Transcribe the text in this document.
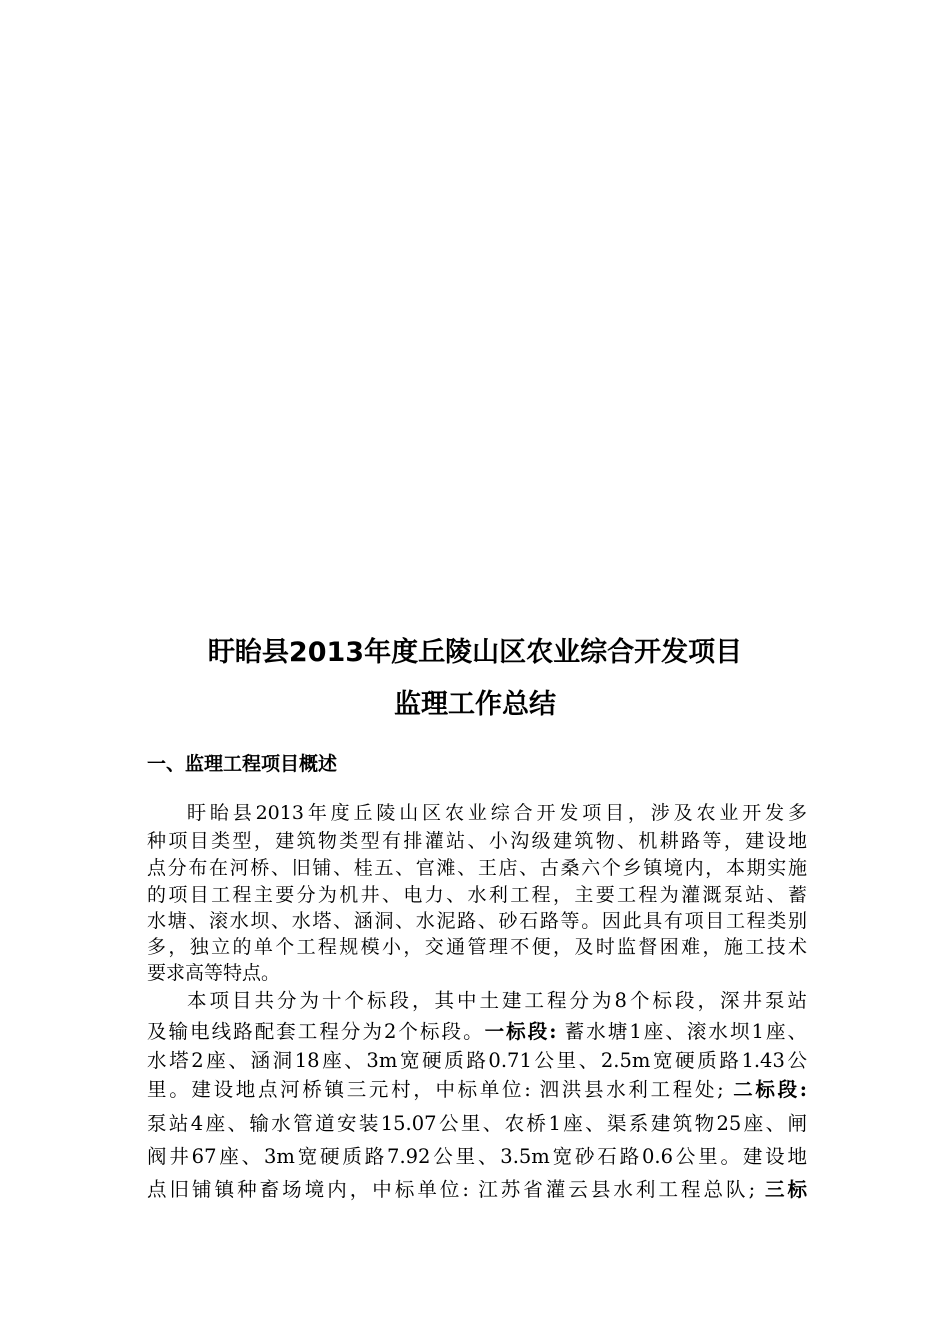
盱眙县2013年度丘陵山区农业综合开发项目
监理工作总结
一、监理工程项目概述
盱眙县2013年度丘陵山区农业综合开发项目，涉及农业开发多
种项目类型，建筑物类型有排灌站、小沟级建筑物、机耕路等，建设地
点分布在河桥、旧铺、桂五、官滩、王店、古桑六个乡镇境内，本期实施
的项目工程主要分为机井、电力、水利工程，主要工程为灌溉泵站、蓄
水塘、滚水坝、水塔、涵洞、水泥路、砂石路等。因此具有项目工程类别
多，独立的单个工程规模小，交通管理不便，及时监督困难，施工技术
要求高等特点。
本项目共分为十个标段，其中土建工程分为8个标段，深井泵站
及输电线路配套工程分为2个标段。一标段: 蓄水塘1座、滚水坝1座、
水塔2座、涵洞18座、3m宽硬质路0.71公里、2.5m宽硬质路1.43公
里。建设地点河桥镇三元村，中标单位: 泗洪县水利工程处; 二标段:
泵站4座、输水管道安装15.07公里、农桥1座、渠系建筑物25座、闸
阀井67座、3m宽硬质路7.92公里、3.5m宽砂石路0.6公里。建设地
点旧铺镇种畜场境内，中标单位: 江苏省灌云县水利工程总队; 三标
